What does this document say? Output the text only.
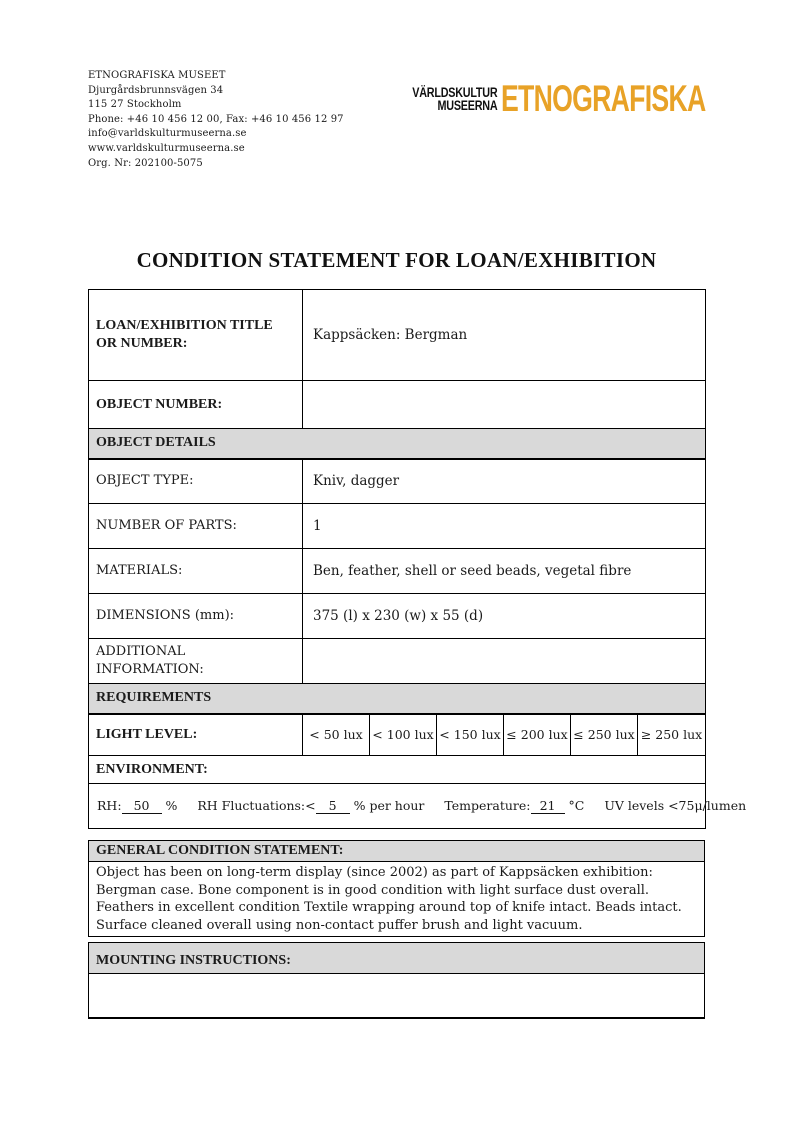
ETNOGRAFISKA MUSEET
Djurgårdsbrunnsvägen 34
115 27 Stockholm
Phone: +46 10 456 12 00, Fax: +46 10 456 12 97
info@varldskulturmuseerna.se
www.varldskulturmuseerna.se
Org. Nr: 202100-5075
VÄRLDSKULTUR
MUSEERNA ETNOGRAFISKA
CONDITION STATEMENT FOR LOAN/EXHIBITION
LOAN/EXHIBITION TITLE OR NUMBER:	Kappsäcken: Bergman					
OBJECT NUMBER:						
OBJECT DETAILS						
OBJECT TYPE:	Kniv, dagger					
NUMBER OF PARTS:	1					
MATERIALS:	Ben, feather, shell or seed beads, vegetal fibre					
DIMENSIONS (mm):	375 (l) x 230 (w) x 55 (d)					
ADDITIONAL INFORMATION:						
REQUIREMENTS						
LIGHT LEVEL:	< 50 lux	< 100 lux	< 150 lux	≤ 200 lux	≤ 250 lux	≥ 250 lux
ENVIRONMENT:						

RH: 50 % RH Fluctuations:< 5 % per hour Temperature: 21 °C UV levels <75μ/lumen						
GENERAL CONDITION STATEMENT:
Object has been on long-term display (since 2002) as part of Kappsäcken exhibition: Bergman case. Bone component is in good condition with light surface dust overall. Feathers in excellent condition Textile wrapping around top of knife intact. Beads intact. Surface cleaned overall using non-contact puffer brush and light vacuum.
MOUNTING INSTRUCTIONS:
